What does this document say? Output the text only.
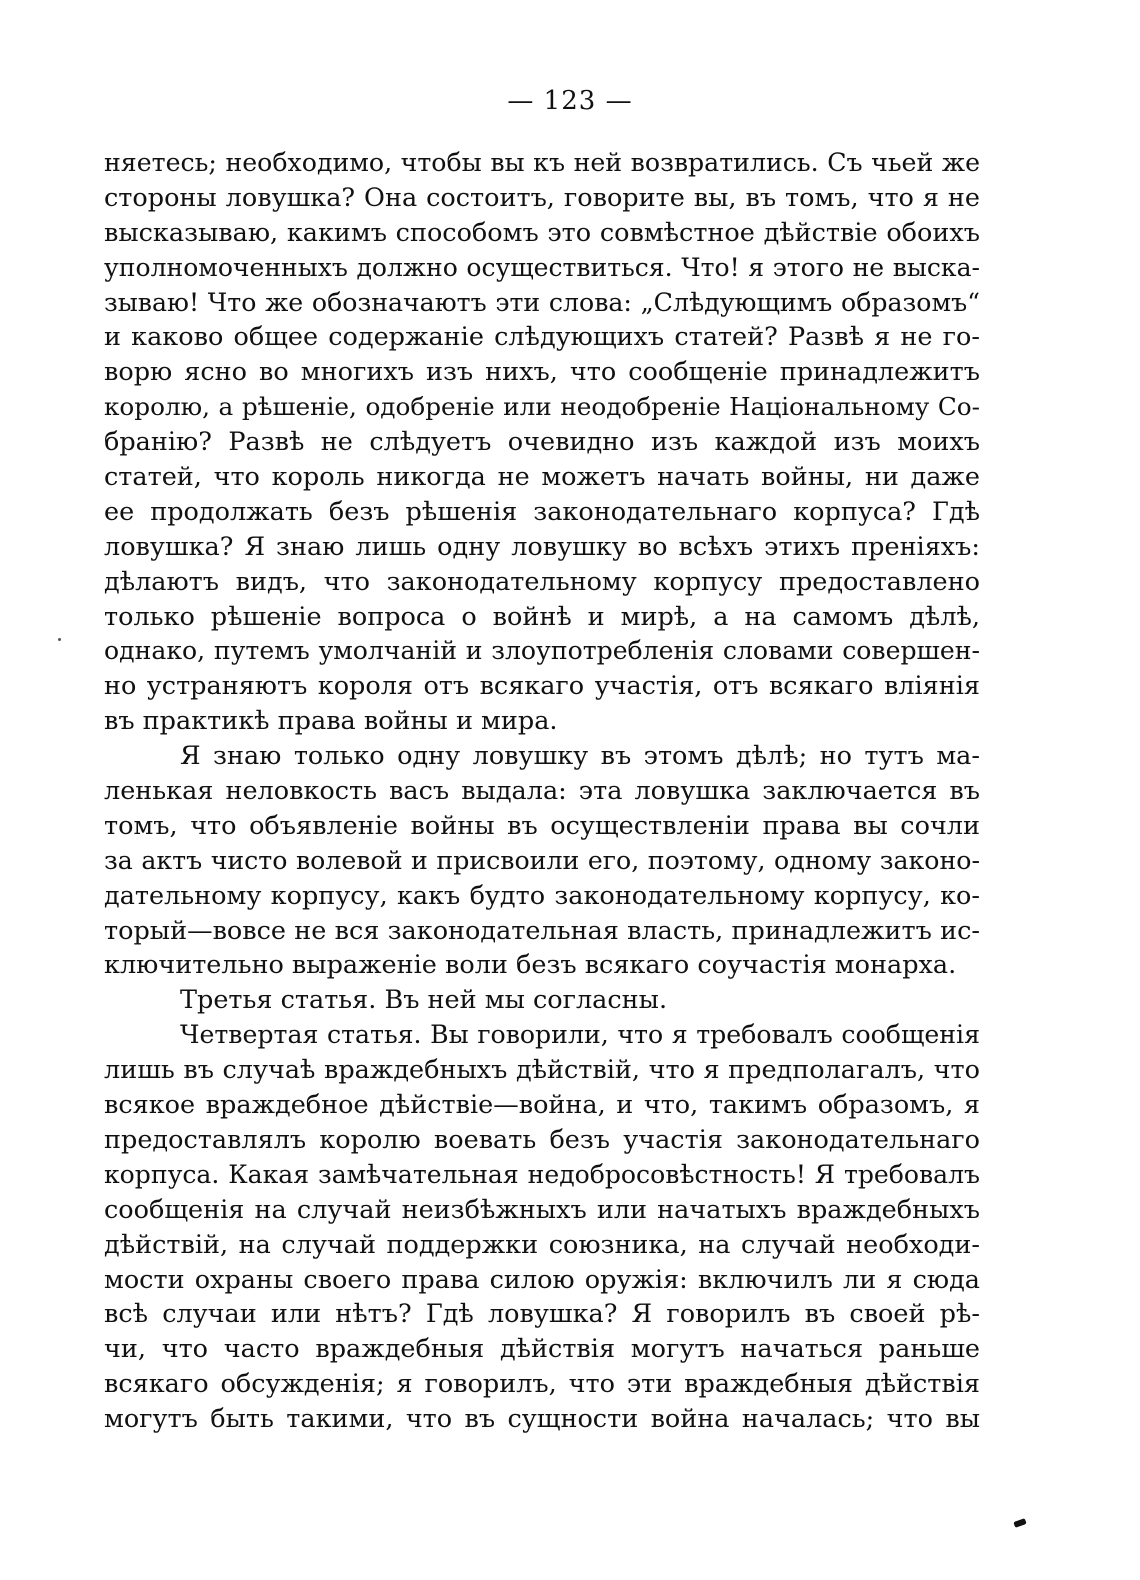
— 123 —
няетесь; необходимо, чтобы вы къ ней возвратились. Съ чьей же
стороны ловушка? Она состоитъ, говорите вы, въ томъ, что я не
высказываю, какимъ способомъ это совмѣстное дѣйствіе обоихъ
уполномоченныхъ должно осуществиться. Что! я этого не выска-
зываю! Что же обозначаютъ эти слова: „Слѣдующимъ образомъ“
и каково общее содержаніе слѣдующихъ статей? Развѣ я не го-
ворю ясно во многихъ изъ нихъ, что сообщеніе принадлежитъ
королю, а рѣшеніе, одобреніе или неодобреніе Національному Со-
бранію? Развѣ не слѣдуетъ очевидно изъ каждой изъ моихъ
статей, что король никогда не можетъ начать войны, ни даже
ее продолжать безъ рѣшенія законодательнаго корпуса? Гдѣ
ловушка? Я знаю лишь одну ловушку во всѣхъ этихъ преніяхъ:
дѣлаютъ видъ, что законодательному корпусу предоставлено
только рѣшеніе вопроса о войнѣ и мирѣ, а на самомъ дѣлѣ,
однако, путемъ умолчаній и злоупотребленія словами совершен-
но устраняютъ короля отъ всякаго участія, отъ всякаго вліянія
въ практикѣ права войны и мира.
Я знаю только одну ловушку въ этомъ дѣлѣ; но тутъ ма-
ленькая неловкость васъ выдала: эта ловушка заключается въ
томъ, что объявленіе войны въ осуществленіи права вы сочли
за актъ чисто волевой и присвоили его, поэтому, одному законо-
дательному корпусу, какъ будто законодательному корпусу, ко-
торый—вовсе не вся законодательная власть, принадлежитъ ис-
ключительно выраженіе воли безъ всякаго соучастія монарха.
Третья статья. Въ ней мы согласны.
Четвертая статья. Вы говорили, что я требовалъ сообщенія
лишь въ случаѣ враждебныхъ дѣйствій, что я предполагалъ, что
всякое враждебное дѣйствіе—война, и что, такимъ образомъ, я
предоставлялъ королю воевать безъ участія законодательнаго
корпуса. Какая замѣчательная недобросовѣстность! Я требовалъ
сообщенія на случай неизбѣжныхъ или начатыхъ враждебныхъ
дѣйствій, на случай поддержки союзника, на случай необходи-
мости охраны своего права силою оружія: включилъ ли я сюда
всѣ случаи или нѣтъ? Гдѣ ловушка? Я говорилъ въ своей рѣ-
чи, что часто враждебныя дѣйствія могутъ начаться раньше
всякаго обсужденія; я говорилъ, что эти враждебныя дѣйствія
могутъ быть такими, что въ сущности война началась; что вы
